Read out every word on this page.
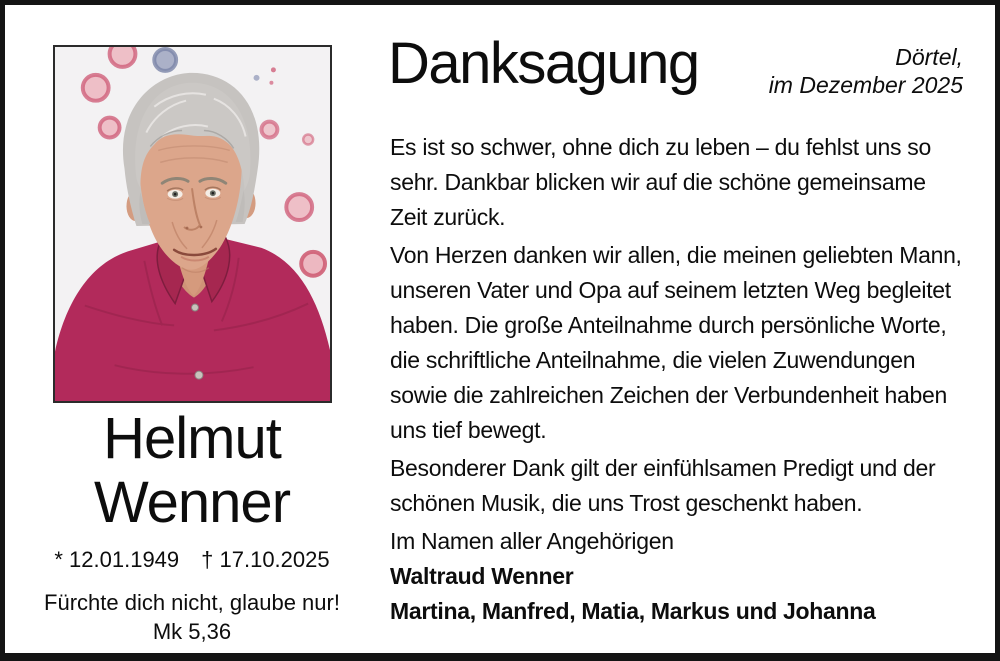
Helmut Wenner
* 12.01.1949 † 17.10.2025
Fürchte dich nicht, glaube nur!
Mk 5,36
Danksagung	Dörtel,
im Dezember 2025

Es ist so schwer, ohne dich zu leben – du fehlst uns so sehr. Dankbar blicken wir auf die schöne gemeinsame Zeit zurück.

Von Herzen danken wir allen, die meinen geliebten Mann, unseren Vater und Opa auf seinem letzten Weg begleitet haben. Die große Anteilnahme durch persönliche Worte, die schriftliche Anteilnahme, die vielen Zuwendungen sowie die zahlreichen Zeichen der Verbundenheit haben uns tief bewegt.

Besonderer Dank gilt der einfühlsamen Predigt und der schönen Musik, die uns Trost geschenkt haben.

Im Namen aller Angehörigen
Waltraud Wenner
Martina, Manfred, Matia, Markus und Johanna
